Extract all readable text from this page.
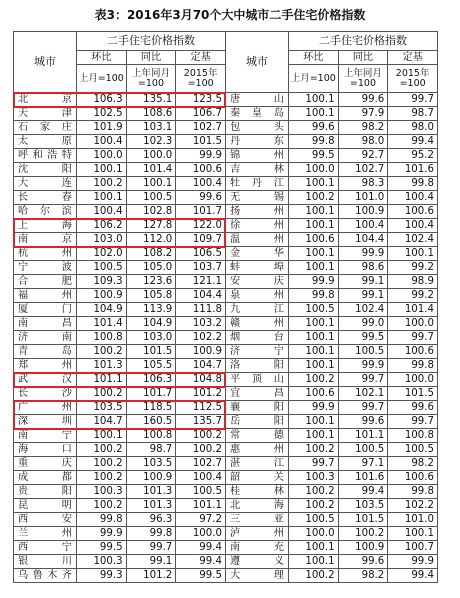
表3：2016年3月70个大中城市二手住宅价格指数
城市	二手住宅价格指数			城市	二手住宅价格指数		
	环比	同比	定基		环比	同比	定基
	上月=100	上年同月=100	2015年=100		上月=100	上年同月=100	2015年=100
北京	106.3	135.1	123.5	唐山	100.1	99.6	99.7
天津	102.5	108.6	106.7	秦皇岛	100.1	97.9	98.7
石家庄	101.9	103.1	102.7	包头	99.6	98.2	98.0
太原	100.4	102.3	101.5	丹东	99.8	98.0	99.4
呼和浩特	100.0	100.0	99.9	锦州	99.5	92.7	95.2
沈阳	100.1	101.4	100.6	吉林	100.0	102.7	101.6
大连	100.2	100.1	100.4	牡丹江	100.1	98.3	99.8
长春	100.1	100.5	99.6	无锡	100.2	101.0	100.4
哈尔滨	100.4	102.8	101.7	扬州	100.1	100.9	100.6
上海	106.2	127.8	122.0	徐州	100.1	100.4	100.4
南京	103.0	112.0	109.7	温州	100.6	104.4	102.4
杭州	102.0	108.2	106.5	金华	100.1	99.9	100.1
宁波	100.5	105.0	103.7	蚌埠	100.1	98.6	99.2
合肥	109.3	123.6	121.1	安庆	99.9	99.1	98.9
福州	100.9	105.8	104.4	泉州	99.8	99.1	99.2
厦门	104.9	113.9	111.8	九江	100.5	102.4	101.4
南昌	101.4	104.9	103.2	赣州	100.1	99.0	100.0
济南	100.8	103.0	102.2	烟台	100.1	99.5	99.7
青岛	100.2	101.5	100.9	济宁	100.1	100.5	100.6
郑州	101.3	105.5	104.7	洛阳	100.1	99.9	99.8
武汉	101.1	106.3	104.8	平顶山	100.2	99.7	100.0
长沙	100.2	101.7	101.2	宜昌	100.6	102.1	101.5
广州	103.5	118.5	112.5	襄阳	99.9	99.7	99.6
深圳	104.7	160.5	135.7	岳阳	100.1	99.6	99.7
南宁	100.1	100.8	100.2	常德	100.1	101.1	100.8
海口	100.2	98.7	100.2	惠州	100.2	100.5	100.5
重庆	100.2	103.5	102.7	湛江	99.7	97.1	98.2
成都	100.2	100.9	100.4	韶关	100.3	101.6	100.6
贵阳	100.3	101.3	100.5	桂林	100.2	99.4	99.8
昆明	100.2	101.3	101.1	北海	100.2	103.5	102.2
西安	99.8	96.3	97.2	三亚	100.5	101.5	101.0
兰州	99.9	99.8	100.0	泸州	100.0	100.2	100.1
西宁	99.5	99.7	99.4	南充	100.1	100.9	100.7
银川	100.3	99.1	99.4	遵义	100.1	99.6	99.9
乌鲁木齐	99.3	101.2	99.5	大理	100.2	98.2	99.4
